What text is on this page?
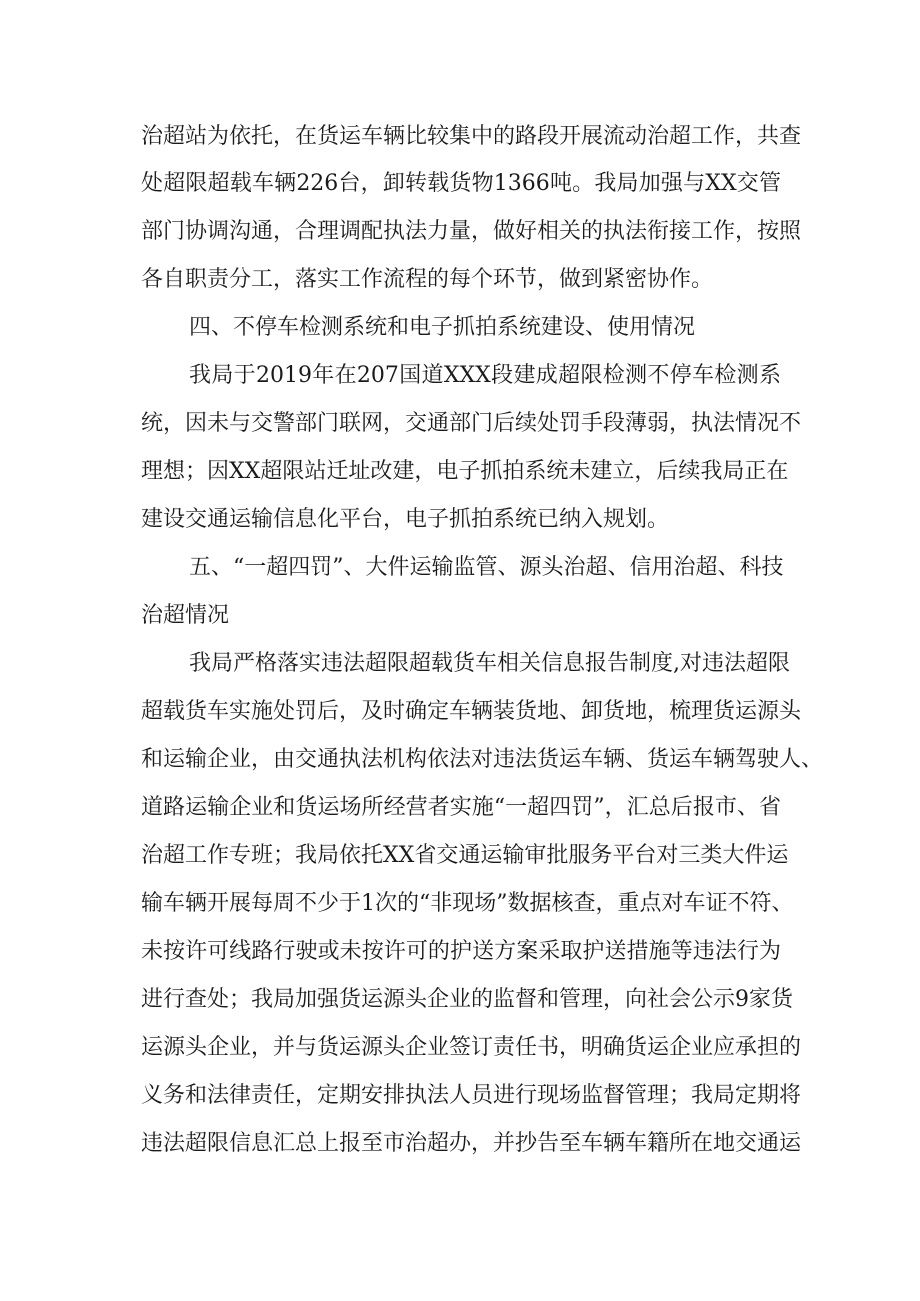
治超站为依托，在货运车辆比较集中的路段开展流动治超工作，共查
处超限超载车辆226台，卸转载货物1366吨。我局加强与XX交管
部门协调沟通，合理调配执法力量，做好相关的执法衔接工作，按照
各自职责分工，落实工作流程的每个环节，做到紧密协作。
四、不停车检测系统和电子抓拍系统建设、使用情况
我局于2019年在207国道XXX段建成超限检测不停车检测系
统，因未与交警部门联网，交通部门后续处罚手段薄弱，执法情况不
理想；因XX超限站迁址改建，电子抓拍系统未建立，后续我局正在
建设交通运输信息化平台，电子抓拍系统已纳入规划。
五、“一超四罚”、大件运输监管、源头治超、信用治超、科技
治超情况
我局严格落实违法超限超载货车相关信息报告制度,对违法超限
超载货车实施处罚后，及时确定车辆装货地、卸货地，梳理货运源头
和运输企业，由交通执法机构依法对违法货运车辆、货运车辆驾驶人、
道路运输企业和货运场所经营者实施“一超四罚”，汇总后报市、省
治超工作专班；我局依托XX省交通运输审批服务平台对三类大件运
输车辆开展每周不少于1次的“非现场”数据核查，重点对车证不符、
未按许可线路行驶或未按许可的护送方案采取护送措施等违法行为
进行查处；我局加强货运源头企业的监督和管理，向社会公示9家货
运源头企业，并与货运源头企业签订责任书，明确货运企业应承担的
义务和法律责任，定期安排执法人员进行现场监督管理；我局定期将
违法超限信息汇总上报至市治超办，并抄告至车辆车籍所在地交通运
